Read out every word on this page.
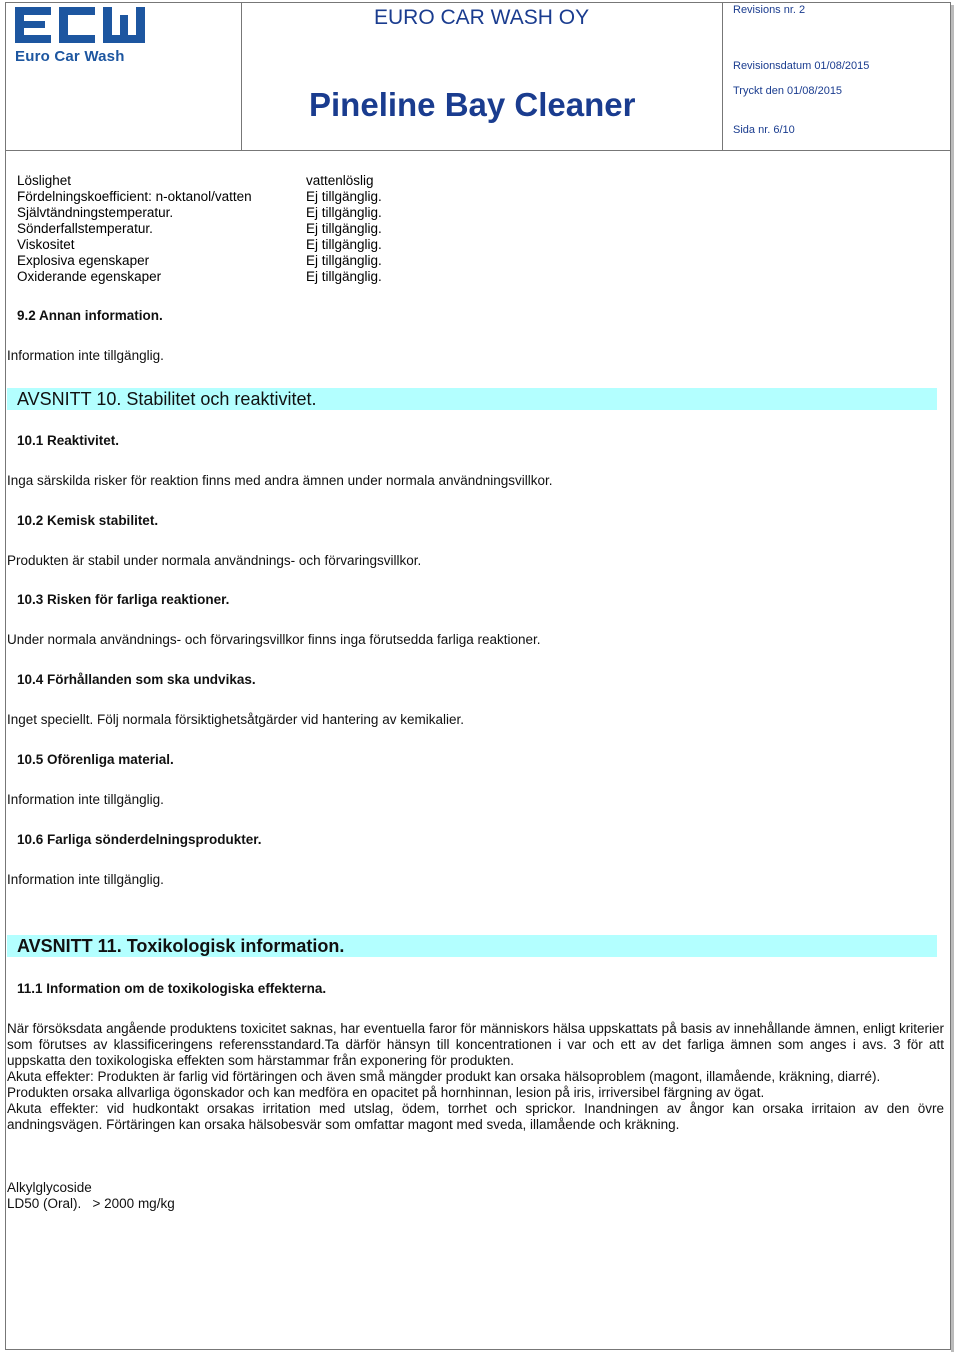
Euro Car Wash
EURO CAR WASH OY
Pineline Bay Cleaner
Revisions nr. 2
Revisionsdatum 01/08/2015
Tryckt den 01/08/2015
Sida nr. 6/10
Löslighet
Fördelningskoefficient: n-oktanol/vatten
Självtändningstemperatur.
Sönderfallstemperatur.
Viskositet
Explosiva egenskaper
Oxiderande egenskaper
vattenlöslig
Ej tillgänglig.
Ej tillgänglig.
Ej tillgänglig.
Ej tillgänglig.
Ej tillgänglig.
Ej tillgänglig.
9.2 Annan information.
Information inte tillgänglig.
AVSNITT 10. Stabilitet och reaktivitet.
10.1 Reaktivitet.
Inga särskilda risker för reaktion finns med andra ämnen under normala användningsvillkor.
10.2 Kemisk stabilitet.
Produkten är stabil under normala användnings- och förvaringsvillkor.
10.3 Risken för farliga reaktioner.
Under normala användnings- och förvaringsvillkor finns inga förutsedda farliga reaktioner.
10.4 Förhållanden som ska undvikas.
Inget speciellt. Följ normala försiktighetsåtgärder vid hantering av kemikalier.
10.5 Oförenliga material.
Information inte tillgänglig.
10.6 Farliga sönderdelningsprodukter.
Information inte tillgänglig.
AVSNITT 11. Toxikologisk information.
11.1 Information om de toxikologiska effekterna.

När försöksdata angående produktens toxicitet saknas, har eventuella faror för människors hälsa uppskattats på basis av innehållande ämnen, enligt kriterier som förutses av klassificeringens referensstandard.Ta därför hänsyn till koncentrationen i var och ett av det farliga ämnen som anges i avs. 3 för att uppskatta den toxikologiska effekten som härstammar från exponering för produkten.

Akuta effekter: Produkten är farlig vid förtäringen och även små mängder produkt kan orsaka hälsoproblem (magont, illamående, kräkning, diarré).

Produkten orsaka allvarliga ögonskador och kan medföra en opacitet på hornhinnan, lesion på iris, irriversibel färgning av ögat.

Akuta effekter: vid hudkontakt orsakas irritation med utslag, ödem, torrhet och sprickor. Inandningen av ångor kan orsaka irritaion av den övre andningsvägen. Förtäringen kan orsaka hälsobesvär som omfattar magont med sveda, illamående och kräkning.

Alkylglycoside
LD50 (Oral).   > 2000 mg/kg
